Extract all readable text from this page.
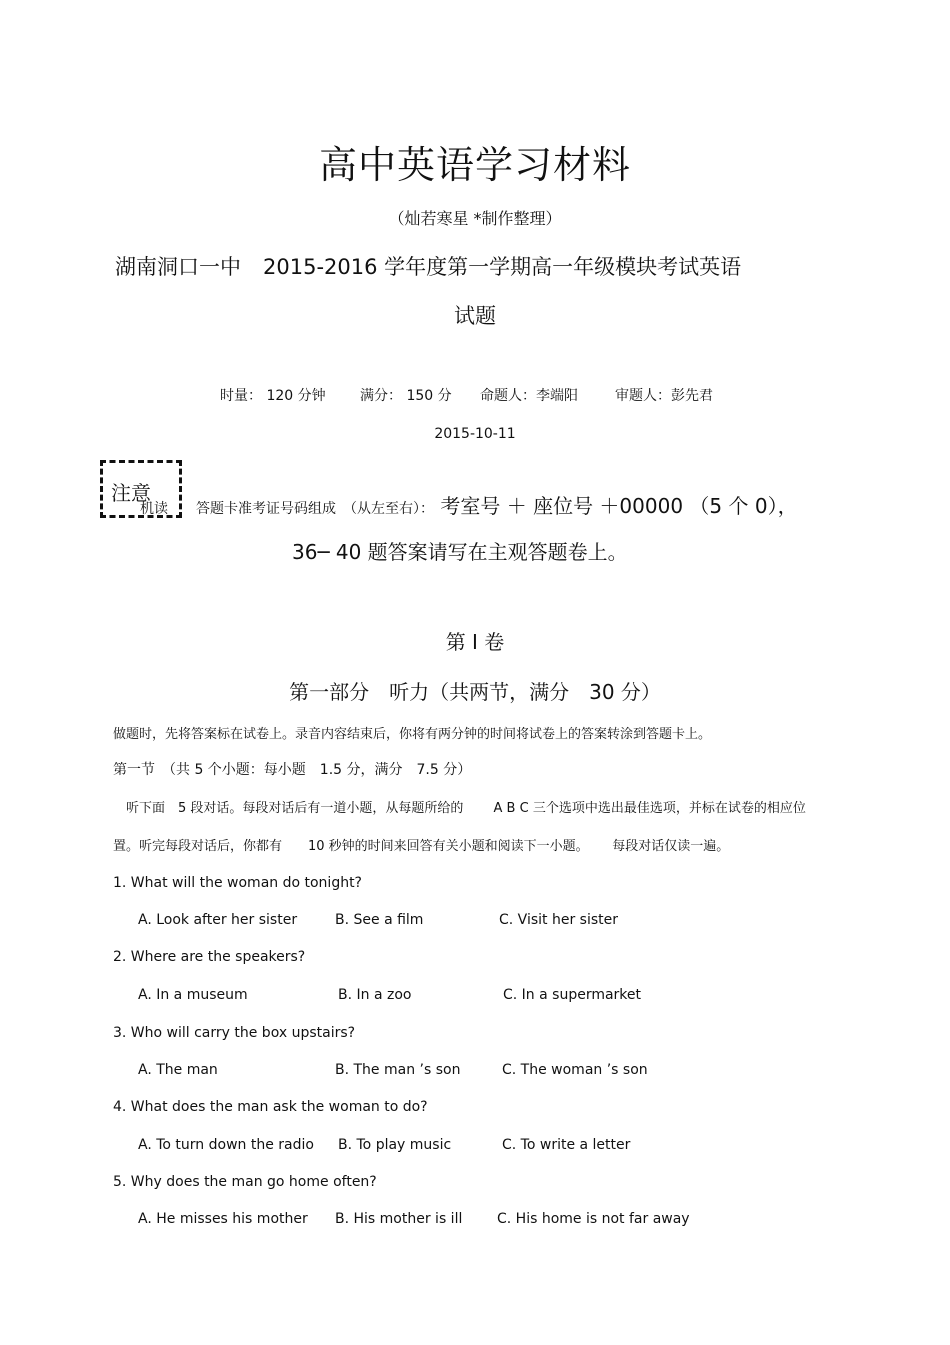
高中英语学习材料
（灿若寒星 *制作整理）
湖南洞口一中 2015-2016 学年度第一学期高一年级模块考试英语
试题
时量： 120 分钟 满分： 150 分 命题人：李端阳	审题人：彭先君
2015-10-11
注意
机读　　答题卡准考证号码组成　（从左至右）： 考室号 ＋ 座位号 ＋00000 （5 个 0），
36─ 40 题答案请写在主观答题卷上。
第 I 卷
第一部分　听力（共两节，满分　30 分）
做题时，先将答案标在试卷上。录音内容结束后，你将有两分钟的时间将试卷上的答案转涂到答题卡上。
第一节　（共 5 个小题：每小题　1.5 分，满分　7.5 分）
　听下面　5 段对话。每段对话后有一道小题，从每题所给的　　 A B C 三个选项中选出最佳选项，并标在试卷的相应位
置。听完每段对话后，你都有　　10 秒钟的时间来回答有关小题和阅读下一小题。　　 每段对话仅读一遍。
1. What will the woman do tonight?
A. Look after her sister	B. See a film	C. Visit her sister
2. Where are the speakers?
A. In a museum	B. In a zoo	C. In a supermarket
3. Who will carry the box upstairs?
A. The man	B. The man ’s son	C. The woman ’s son
4. What does the man ask the woman to do?
A. To turn down the radio B. To play music	C. To write a letter
5. Why does the man go home often?
A. He misses his mother B. His mother is ill C. His home is not far away
